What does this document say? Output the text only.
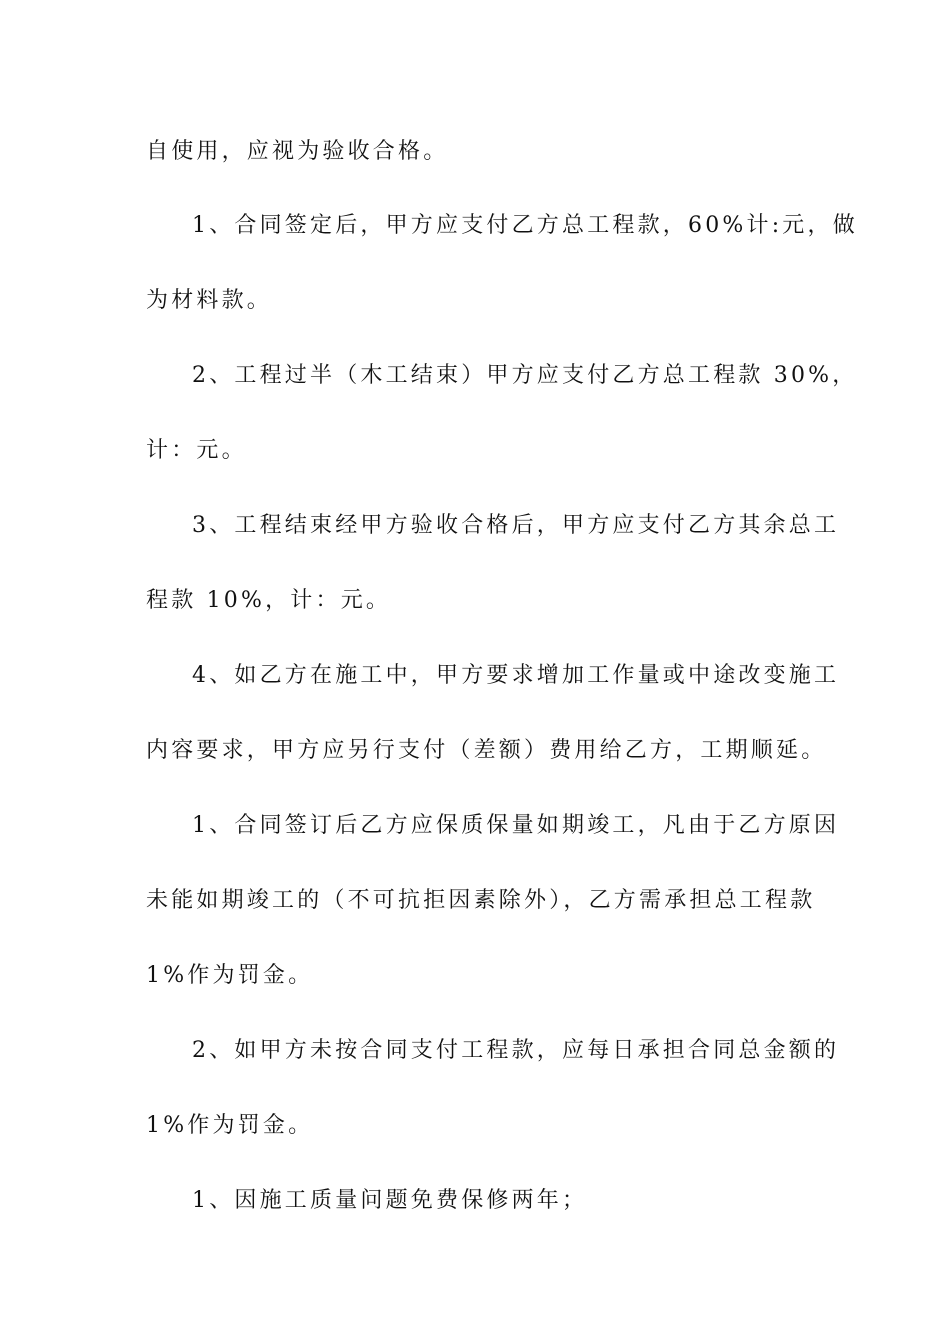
自使用，应视为验收合格。
1、合同签定后，甲方应支付乙方总工程款，60%计:元，做
为材料款。
2、工程过半（木工结束）甲方应支付乙方总工程款 30%，
计：元。
3、工程结束经甲方验收合格后，甲方应支付乙方其余总工
程款 10%，计：元。
4、如乙方在施工中，甲方要求增加工作量或中途改变施工
内容要求，甲方应另行支付（差额）费用给乙方，工期顺延。
1、合同签订后乙方应保质保量如期竣工，凡由于乙方原因
未能如期竣工的（不可抗拒因素除外），乙方需承担总工程款
1%作为罚金。
2、如甲方未按合同支付工程款，应每日承担合同总金额的
1%作为罚金。
1、因施工质量问题免费保修两年；
